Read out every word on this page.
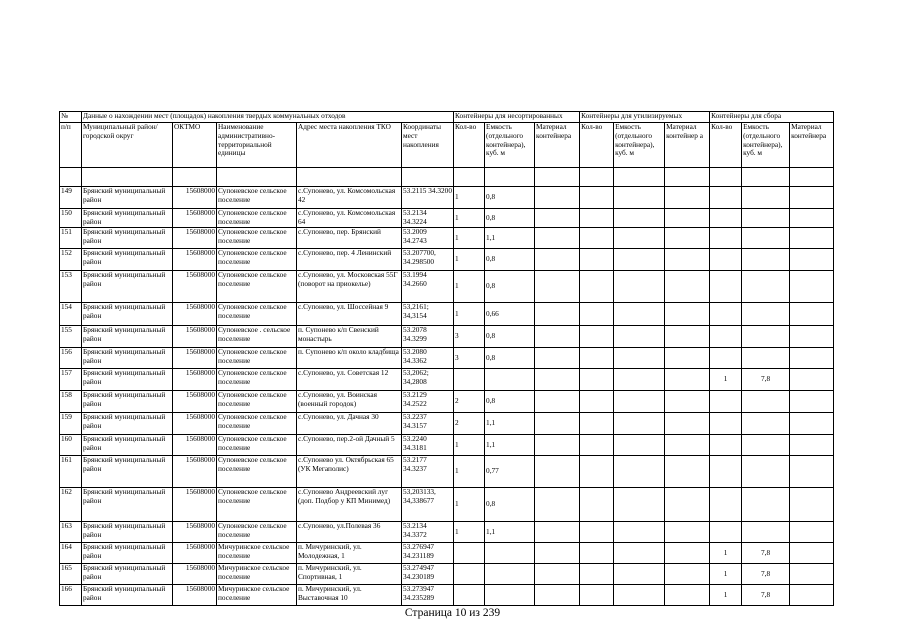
№	Данные о нахождении мест (площадок) накопления твердых коммунальных отходов					Контейнеры для несортированных			Контейнеры для утилизируемых			Контейнеры для сбора		
п/п	Муниципальный район/городской округ	ОКТМО	Наименование административно-территориальной единицы	Адрес места накопления ТКО	Координаты мест накопления	Кол-во	Емкость (отдельного контейнера), куб. м	Материал контейнера	Кол-во	Емкость (отдельного контейнера), куб. м	Материал контейнер а	Кол-во	Емкость (отдельного контейнера), куб. м	Материал контейнера

149	Брянский муниципальный район	15608000	Супоневское сельское поселение	с.Супонево, ул. Комсомольская 42	53.2115 34.3200	1	0,8							
150	Брянский муниципальный район	15608000	Супоневское сельское поселение	с.Супонево, ул. Комсомольская 64	53.2134 34.3224	1	0,8							
151	Брянский муниципальный район	15608000	Супоневское сельское поселение	с.Супонево, пер. Брянский	53.2009 34.2743	1	1,1							
152	Брянский муниципальный район	15608000	Супоневское сельское поселение	с.Супонево, пер. 4 Ленинский	53.207700, 34.298500	1	0,8							
153	Брянский муниципальный район	15608000	Супоневское сельское поселение	с.Супонево, ул. Московская 55Г (поворот на приокелье)	53.1994 34.2660	1	0,8							
154	Брянский муниципальный район	15608000	Супоневское сельское поселение	с.Супонево, ул. Шоссейная 9	53,2161; 34,3154	1	0,66							
155	Брянский муниципальный район	15608000	Супоневское . сельское поселение	п. Супонево к/п Свенский монастырь	53.2078 34.3299	3	0,8							
156	Брянский муниципальный район	15608000	Супоневское сельское поселение	п. Супонево к/п около кладбища	53.2080 34.3362	3	0,8							
157	Брянский муниципальный район	15608000	Супоневское сельское поселение	с.Супонево, ул. Советская 12	53,2062; 34,2808							1	7,8	
158	Брянский муниципальный район	15608000	Супоневское сельское поселение	с.Супонево, ул. Воинская (военный городок)	53.2129 34.2522	2	0,8							
159	Брянский муниципальный район	15608000	Супоневское сельское поселение	с.Супонево, ул. Дачная 30	53.2237 34.3157	2	1,1							
160	Брянский муниципальный район	15608000	Супоневское сельское поселение	с.Супонево, пер.2-ой Дачный 5	53.2240 34.3181	1	1,1							
161	Брянский муниципальный район	15608000	Супоневское сельское поселение	с.Супонево ул. Октябрьская 65 (УК Мегаполис)	53.2177 34.3237	1	0,77							
162	Брянский муниципальный район	15608000	Супоневское сельское поселение	с.Супонево Андреевский луг (доп. Подбор у КП Минимед)	53,203133, 34,338677	1	0,8							
163	Брянский муниципальный район	15608000	Супоневское сельское поселение	с.Супонево, ул.Полевая 36	53.2134 34.3372	1	1,1							
164	Брянский муниципальный район	15608000	Мичуринское сельское поселение	п. Мичуринский, ул. Молодежная, 1	53.276947 34.231189							1	7,8	
165	Брянский муниципальный район	15608000	Мичуринское сельское поселение	п. Мичуринский, ул. Спортивная, 1	53.274947 34.230189							1	7,8	
166	Брянский муниципальный район	15608000	Мичуринское сельское поселение	п. Мичуринский, ул. Выставочная 10	53.273947 34.235289							1	7,8	
Страница 10 из 239
